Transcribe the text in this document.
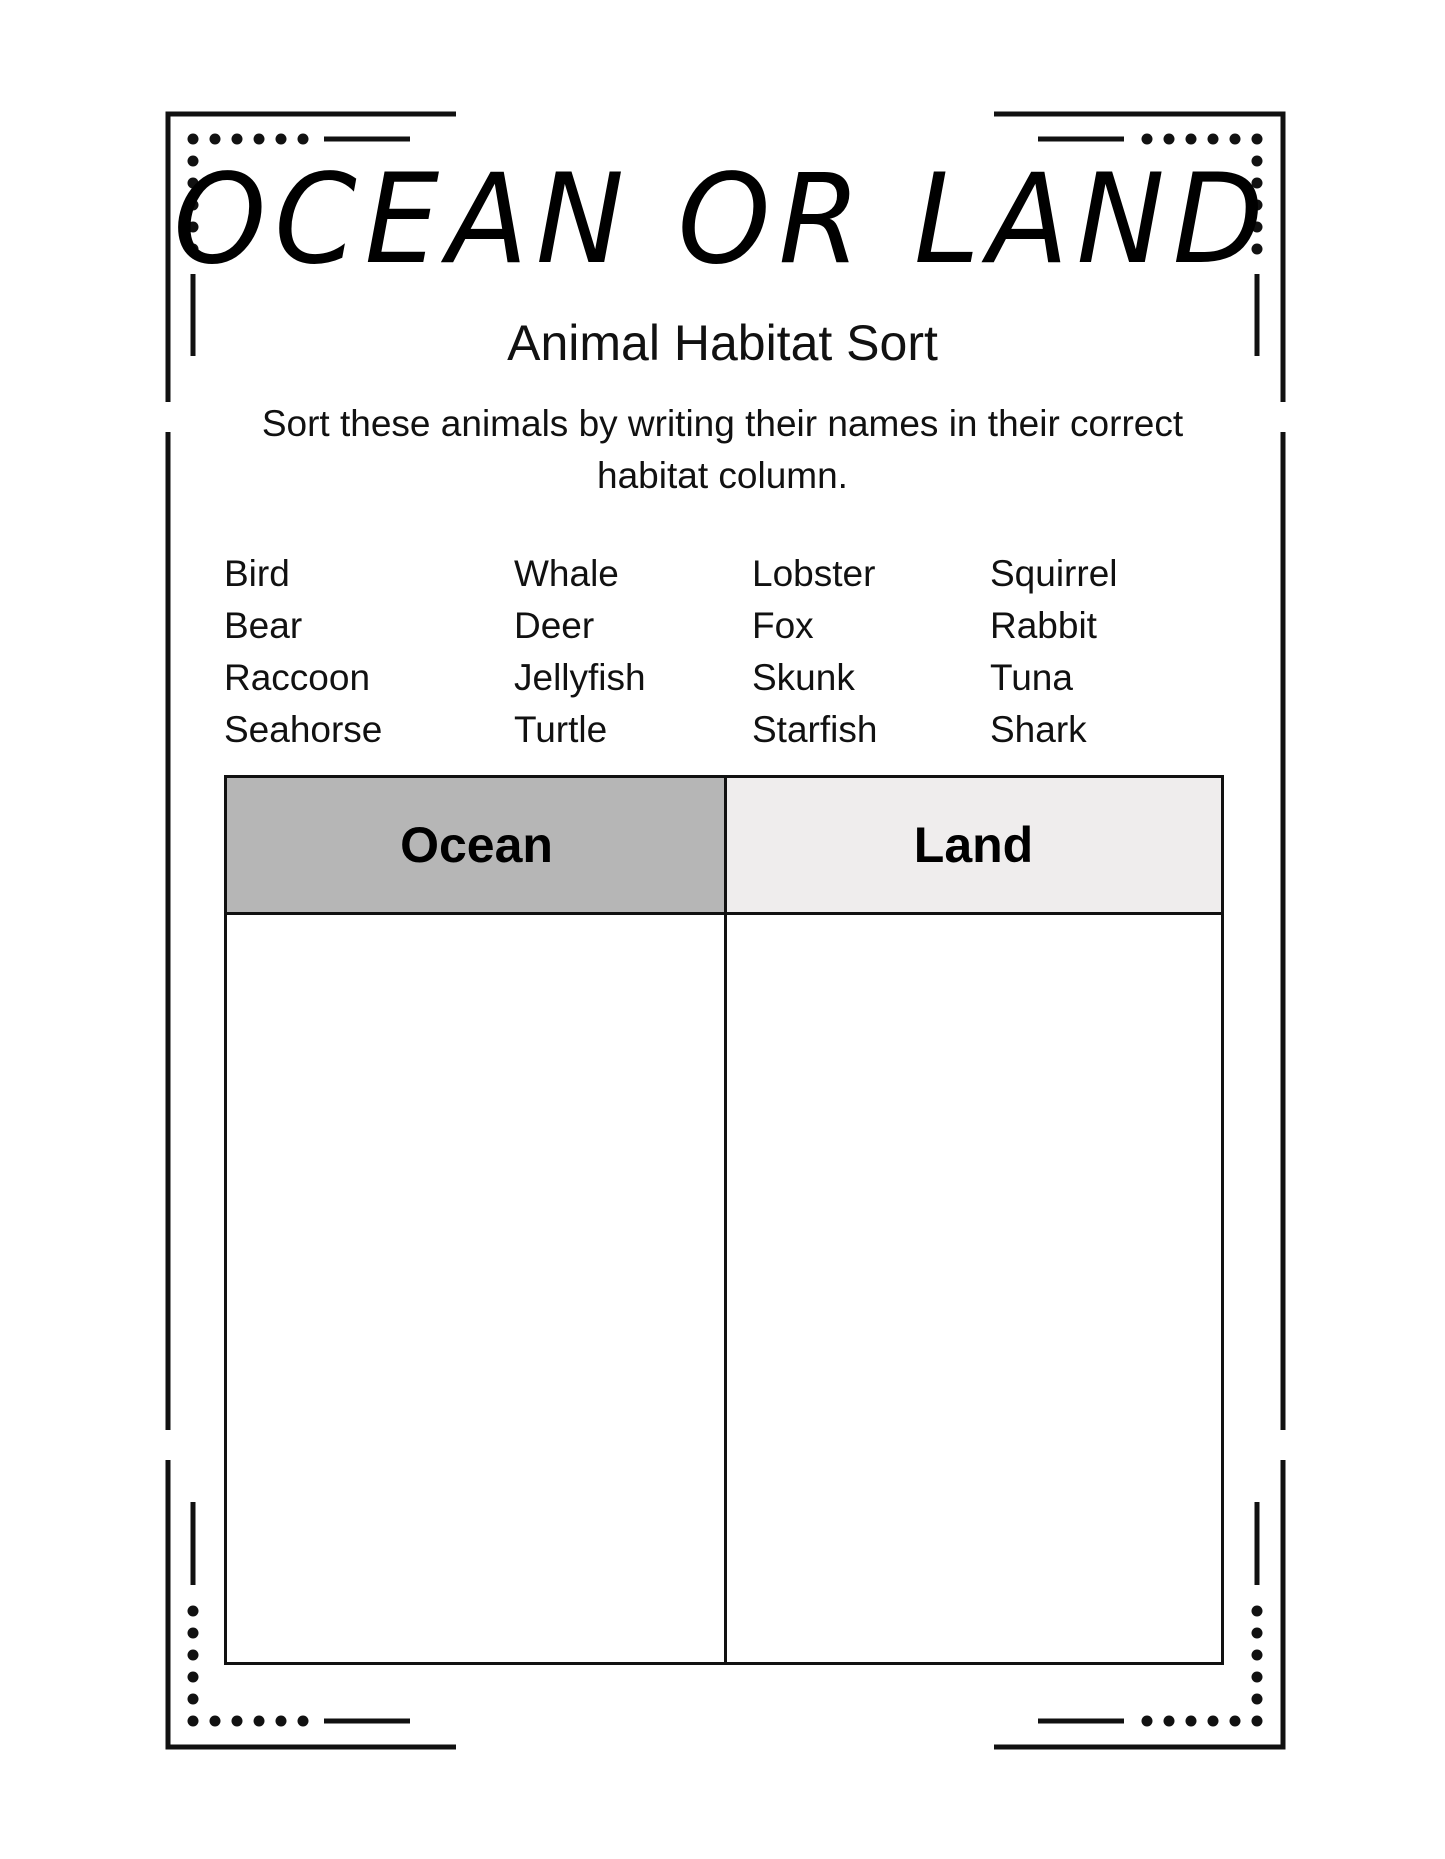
OCEAN OR LAND
Animal Habitat Sort
Sort these animals by writing their names in their correct habitat column.
Bird
Bear
Raccoon
Seahorse
Whale
Deer
Jellyfish
Turtle
Lobster
Fox
Skunk
Starfish
Squirrel
Rabbit
Tuna
Shark
Ocean	Land
